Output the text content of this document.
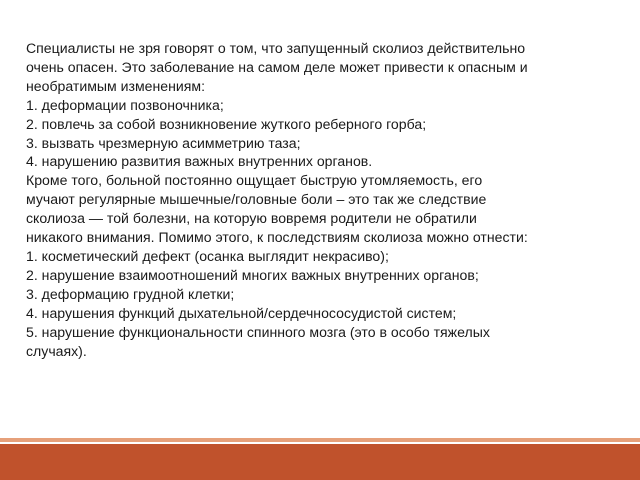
Специалисты не зря говорят о том, что запущенный сколиоз действительно
очень опасен. Это заболевание на самом деле может привести к опасным и
необратимым изменениям:
1. деформации позвоночника;
2. повлечь за собой возникновение жуткого реберного горба;
3. вызвать чрезмерную асимметрию таза;
4. нарушению развития важных внутренних органов.
Кроме того, больной постоянно ощущает быструю утомляемость, его
мучают регулярные мышечные/головные боли – это так же следствие
сколиоза — той болезни, на которую вовремя родители не обратили
никакого внимания. Помимо этого, к последствиям сколиоза можно отнести:
1. косметический дефект (осанка выглядит некрасиво);
2. нарушение взаимоотношений многих важных внутренних органов;
3. деформацию грудной клетки;
4. нарушения функций дыхательной/сердечнососудистой систем;
5. нарушение функциональности спинного мозга (это в особо тяжелых
случаях).
